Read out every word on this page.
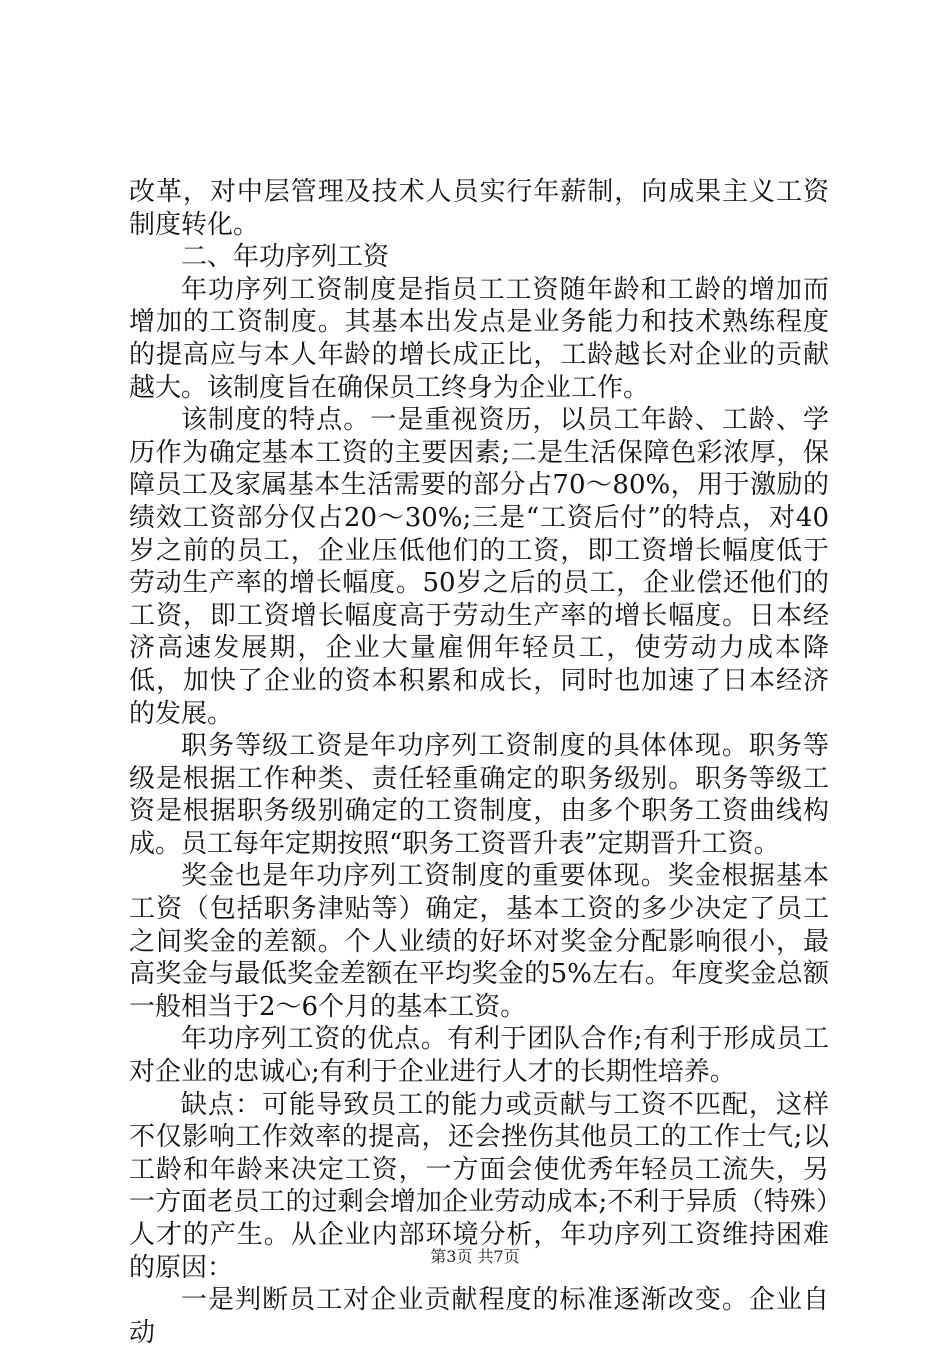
改革，对中层管理及技术人员实行年薪制，向成果主义工资制度转化。

二、年功序列工资

年功序列工资制度是指员工工资随年龄和工龄的增加而增加的工资制度。其基本出发点是业务能力和技术熟练程度的提高应与本人年龄的增长成正比，工龄越长对企业的贡献越大。该制度旨在确保员工终身为企业工作。

该制度的特点。一是重视资历，以员工年龄、工龄、学历作为确定基本工资的主要因素;二是生活保障色彩浓厚，保障员工及家属基本生活需要的部分占70～80%，用于激励的绩效工资部分仅占20～30%;三是“工资后付”的特点，对40岁之前的员工，企业压低他们的工资，即工资增长幅度低于劳动生产率的增长幅度。50岁之后的员工，企业偿还他们的工资，即工资增长幅度高于劳动生产率的增长幅度。日本经济高速发展期，企业大量雇佣年轻员工，使劳动力成本降低，加快了企业的资本积累和成长，同时也加速了日本经济的发展。

职务等级工资是年功序列工资制度的具体体现。职务等级是根据工作种类、责任轻重确定的职务级别。职务等级工资是根据职务级别确定的工资制度，由多个职务工资曲线构成。员工每年定期按照“职务工资晋升表”定期晋升工资。

奖金也是年功序列工资制度的重要体现。奖金根据基本工资（包括职务津贴等）确定，基本工资的多少决定了员工之间奖金的差额。个人业绩的好坏对奖金分配影响很小，最高奖金与最低奖金差额在平均奖金的5%左右。年度奖金总额一般相当于2～6个月的基本工资。

年功序列工资的优点。有利于团队合作;有利于形成员工对企业的忠诚心;有利于企业进行人才的长期性培养。

缺点：可能导致员工的能力或贡献与工资不匹配，这样不仅影响工作效率的提高，还会挫伤其他员工的工作士气;以工龄和年龄来决定工资，一方面会使优秀年轻员工流失，另一方面老员工的过剩会增加企业劳动成本;不利于异质（特殊）人才的产生。从企业内部环境分析，年功序列工资维持困难的原因：

一是判断员工对企业贡献程度的标准逐渐改变。企业自动

第3页 共7页
